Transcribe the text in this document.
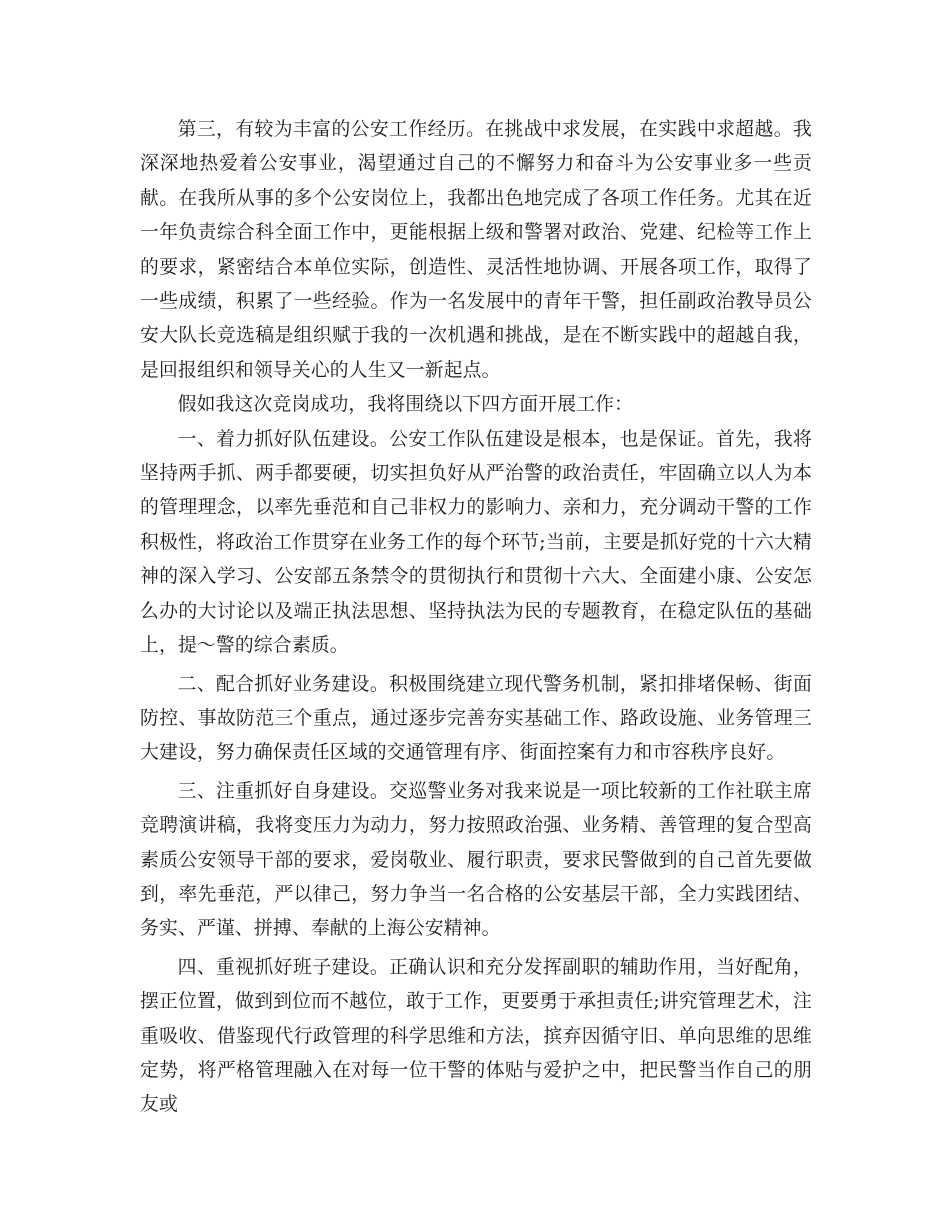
第三，有较为丰富的公安工作经历。在挑战中求发展，在实践中求超越。我深深地热爱着公安事业，渴望通过自己的不懈努力和奋斗为公安事业多一些贡献。在我所从事的多个公安岗位上，我都出色地完成了各项工作任务。尤其在近一年负责综合科全面工作中，更能根据上级和警署对政治、党建、纪检等工作上的要求，紧密结合本单位实际，创造性、灵活性地协调、开展各项工作，取得了一些成绩，积累了一些经验。作为一名发展中的青年干警，担任副政治教导员公安大队长竞选稿是组织赋于我的一次机遇和挑战，是在不断实践中的超越自我，是回报组织和领导关心的人生又一新起点。

假如我这次竞岗成功，我将围绕以下四方面开展工作：

一、着力抓好队伍建设。公安工作队伍建设是根本，也是保证。首先，我将坚持两手抓、两手都要硬，切实担负好从严治警的政治责任，牢固确立以人为本的管理理念，以率先垂范和自己非权力的影响力、亲和力，充分调动干警的工作积极性，将政治工作贯穿在业务工作的每个环节;当前，主要是抓好党的十六大精神的深入学习、公安部五条禁令的贯彻执行和贯彻十六大、全面建小康、公安怎么办的大讨论以及端正执法思想、坚持执法为民的专题教育，在稳定队伍的基础上，提～警的综合素质。

二、配合抓好业务建设。积极围绕建立现代警务机制，紧扣排堵保畅、街面防控、事故防范三个重点，通过逐步完善夯实基础工作、路政设施、业务管理三大建设，努力确保责任区域的交通管理有序、街面控案有力和市容秩序良好。

三、注重抓好自身建设。交巡警业务对我来说是一项比较新的工作社联主席竞聘演讲稿，我将变压力为动力，努力按照政治强、业务精、善管理的复合型高素质公安领导干部的要求，爱岗敬业、履行职责，要求民警做到的自己首先要做到，率先垂范，严以律己，努力争当一名合格的公安基层干部，全力实践团结、务实、严谨、拼搏、奉献的上海公安精神。

四、重视抓好班子建设。正确认识和充分发挥副职的辅助作用，当好配角，摆正位置，做到到位而不越位，敢于工作，更要勇于承担责任;讲究管理艺术，注重吸收、借鉴现代行政管理的科学思维和方法，摈弃因循守旧、单向思维的思维定势，将严格管理融入在对每一位干警的体贴与爱护之中，把民警当作自己的朋友或
